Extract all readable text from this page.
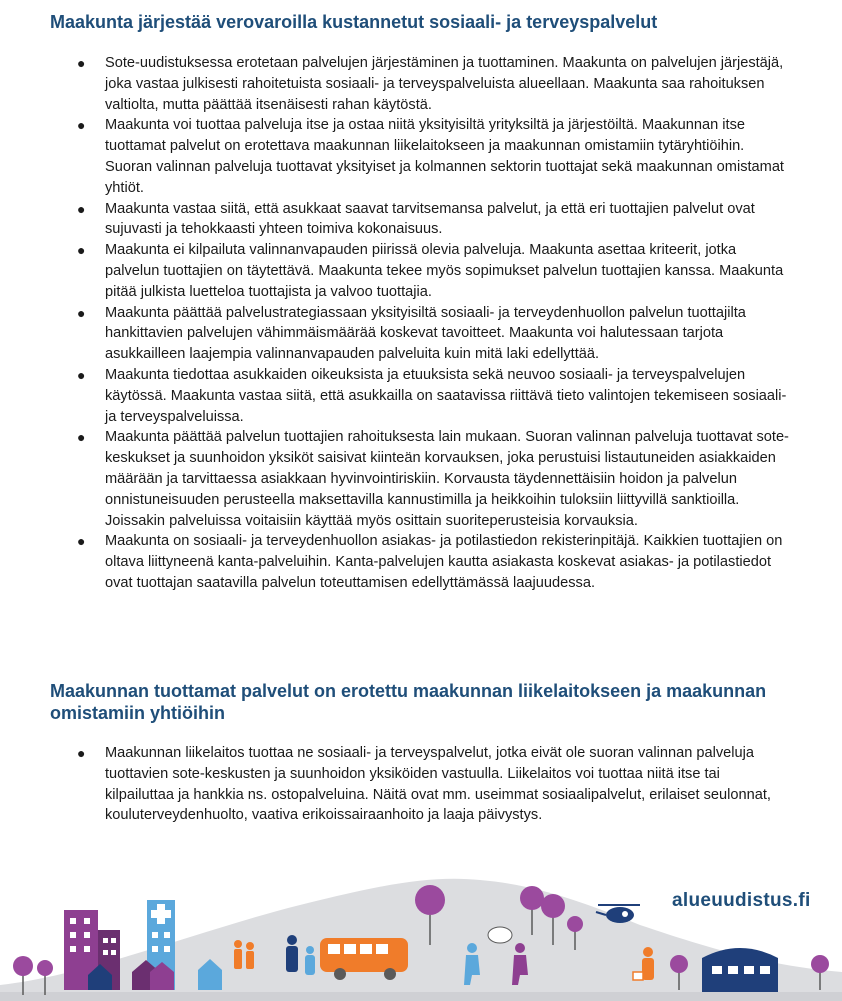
Maakunta järjestää verovaroilla kustannetut sosiaali- ja terveyspalvelut
● Sote-uudistuksessa erotetaan palvelujen järjestäminen ja tuottaminen. Maakunta on palvelujen järjestäjä, joka vastaa julkisesti rahoitetuista sosiaali- ja terveyspalveluista alueellaan. Maakunta saa rahoituksen valtiolta, mutta päättää itsenäisesti rahan käytöstä.
● Maakunta voi tuottaa palveluja itse ja ostaa niitä yksityisiltä yrityksiltä ja järjestöiltä. Maakunnan itse tuottamat palvelut on erotettava maakunnan liikelaitokseen ja maakunnan omistamiin tytäryhtiöihin. Suoran valinnan palveluja tuottavat yksityiset ja kolmannen sektorin tuottajat sekä maakunnan omistamat yhtiöt.
● Maakunta vastaa siitä, että asukkaat saavat tarvitsemansa palvelut, ja että eri tuottajien palvelut ovat sujuvasti ja tehokkaasti yhteen toimiva kokonaisuus.
● Maakunta ei kilpailuta valinnanvapauden piirissä olevia palveluja. Maakunta asettaa kriteerit, jotka palvelun tuottajien on täytettävä. Maakunta tekee myös sopimukset palvelun tuottajien kanssa. Maakunta pitää julkista luetteloa tuottajista ja valvoo tuottajia.
● Maakunta päättää palvelustrategiassaan yksityisiltä sosiaali- ja terveydenhuollon palvelun tuottajilta hankittavien palvelujen vähimmäismäärää koskevat tavoitteet. Maakunta voi halutessaan tarjota asukkailleen laajempia valinnanvapauden palveluita kuin mitä laki edellyttää.
● Maakunta tiedottaa asukkaiden oikeuksista ja etuuksista sekä neuvoo sosiaali- ja terveyspalvelujen käytössä. Maakunta vastaa siitä, että asukkailla on saatavissa riittävä tieto valintojen tekemiseen sosiaali- ja terveyspalveluissa.
● Maakunta päättää palvelun tuottajien rahoituksesta lain mukaan. Suoran valinnan palveluja tuottavat sote-keskukset ja suunhoidon yksiköt saisivat kiinteän korvauksen, joka perustuisi listautuneiden asiakkaiden määrään ja tarvittaessa asiakkaan hyvinvointiriskiin. Korvausta täydennettäisiin hoidon ja palvelun onnistuneisuuden perusteella maksettavilla kannustimilla ja heikkoihin tuloksiin liittyvillä sanktioilla. Joissakin palveluissa voitaisiin käyttää myös osittain suoriteperusteisia korvauksia.
● Maakunta on sosiaali- ja terveydenhuollon asiakas- ja potilastiedon rekisterinpitäjä. Kaikkien tuottajien on oltava liittyneenä kanta-palveluihin. Kanta-palvelujen kautta asiakasta koskevat asiakas- ja potilastiedot ovat tuottajan saatavilla palvelun toteuttamisen edellyttämässä laajuudessa.
Maakunnan tuottamat palvelut on erotettu maakunnan liikelaitokseen ja maakunnan omistamiin yhtiöihin
● Maakunnan liikelaitos tuottaa ne sosiaali- ja terveyspalvelut, jotka eivät ole suoran valinnan palveluja tuottavien sote-keskusten ja suunhoidon yksiköiden vastuulla. Liikelaitos voi tuottaa niitä itse tai kilpailuttaa ja hankkia ns. ostopalveluina. Näitä ovat mm. useimmat sosiaalipalvelut, erilaiset seulonnat, kouluterveydenhuolto, vaativa erikoissairaanhoito ja laaja päivystys.
alueuudistus.fi
